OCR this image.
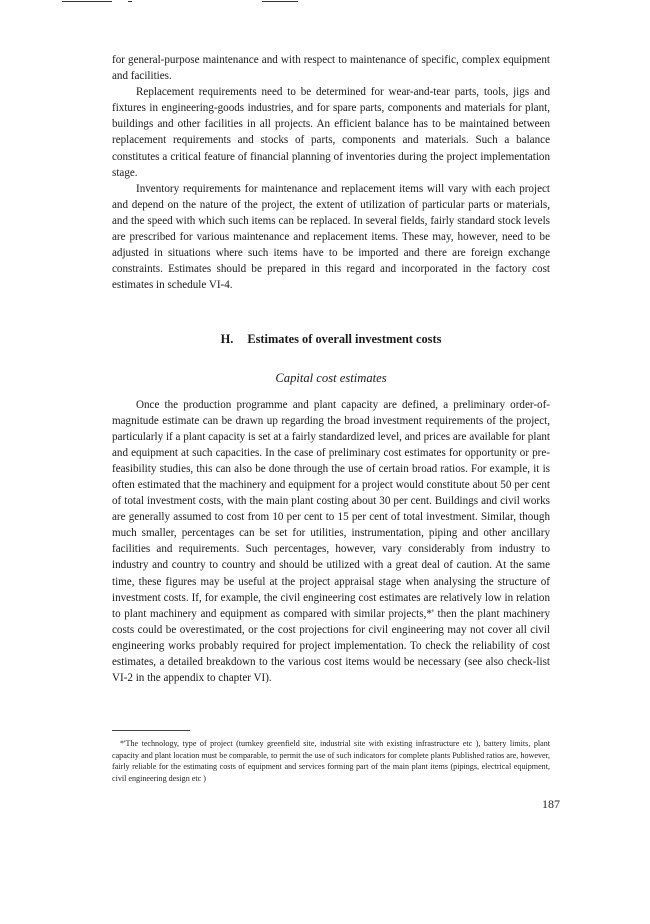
for general-purpose maintenance and with respect to maintenance of specific, complex equipment and facilities.

Replacement requirements need to be determined for wear-and-tear parts, tools, jigs and fixtures in engineering-goods industries, and for spare parts, components and materials for plant, buildings and other facilities in all projects. An efficient balance has to be maintained between replacement requirements and stocks of parts, components and materials. Such a balance constitutes a critical feature of financial planning of inventories during the project implementation stage.

Inventory requirements for maintenance and replacement items will vary with each project and depend on the nature of the project, the extent of utilization of particular parts or materials, and the speed with which such items can be replaced. In several fields, fairly standard stock levels are prescribed for various maintenance and replacement items. These may, however, need to be adjusted in situations where such items have to be imported and there are foreign exchange constraints. Estimates should be prepared in this regard and incorporated in the factory cost estimates in schedule VI-4.

H. Estimates of overall investment costs
Capital cost estimates

Once the production programme and plant capacity are defined, a preliminary order-of-magnitude estimate can be drawn up regarding the broad investment requirements of the project, particularly if a plant capacity is set at a fairly standardized level, and prices are available for plant and equipment at such capacities. In the case of preliminary cost estimates for opportunity or pre-feasibility studies, this can also be done through the use of certain broad ratios. For example, it is often estimated that the machinery and equipment for a project would constitute about 50 per cent of total investment costs, with the main plant costing about 30 per cent. Buildings and civil works are generally assumed to cost from 10 per cent to 15 per cent of total investment. Similar, though much smaller, percentages can be set for utilities, instrumentation, piping and other ancillary facilities and requirements. Such percentages, however, vary considerably from industry to industry and country to country and should be utilized with a great deal of caution. At the same time, these figures may be useful at the project appraisal stage when analysing the structure of investment costs. If, for example, the civil engineering cost estimates are relatively low in relation to plant machinery and equipment as compared with similar projects,*' then the plant machinery costs could be overestimated, or the cost projections for civil engineering may not cover all civil engineering works probably required for project implementation. To check the reliability of cost estimates, a detailed breakdown to the various cost items would be necessary (see also check-list VI-2 in the appendix to chapter VI).

*'The technology, type of project (turnkey greenfield site, industrial site with existing infrastructure etc ), battery limits, plant capacity and plant location must be comparable, to permit the use of such indicators for complete plants Published ratios are, however, fairly reliable for the estimating costs of equipment and services forming part of the main plant items (pipings, electrical equipment, civil engineering design etc )

187
